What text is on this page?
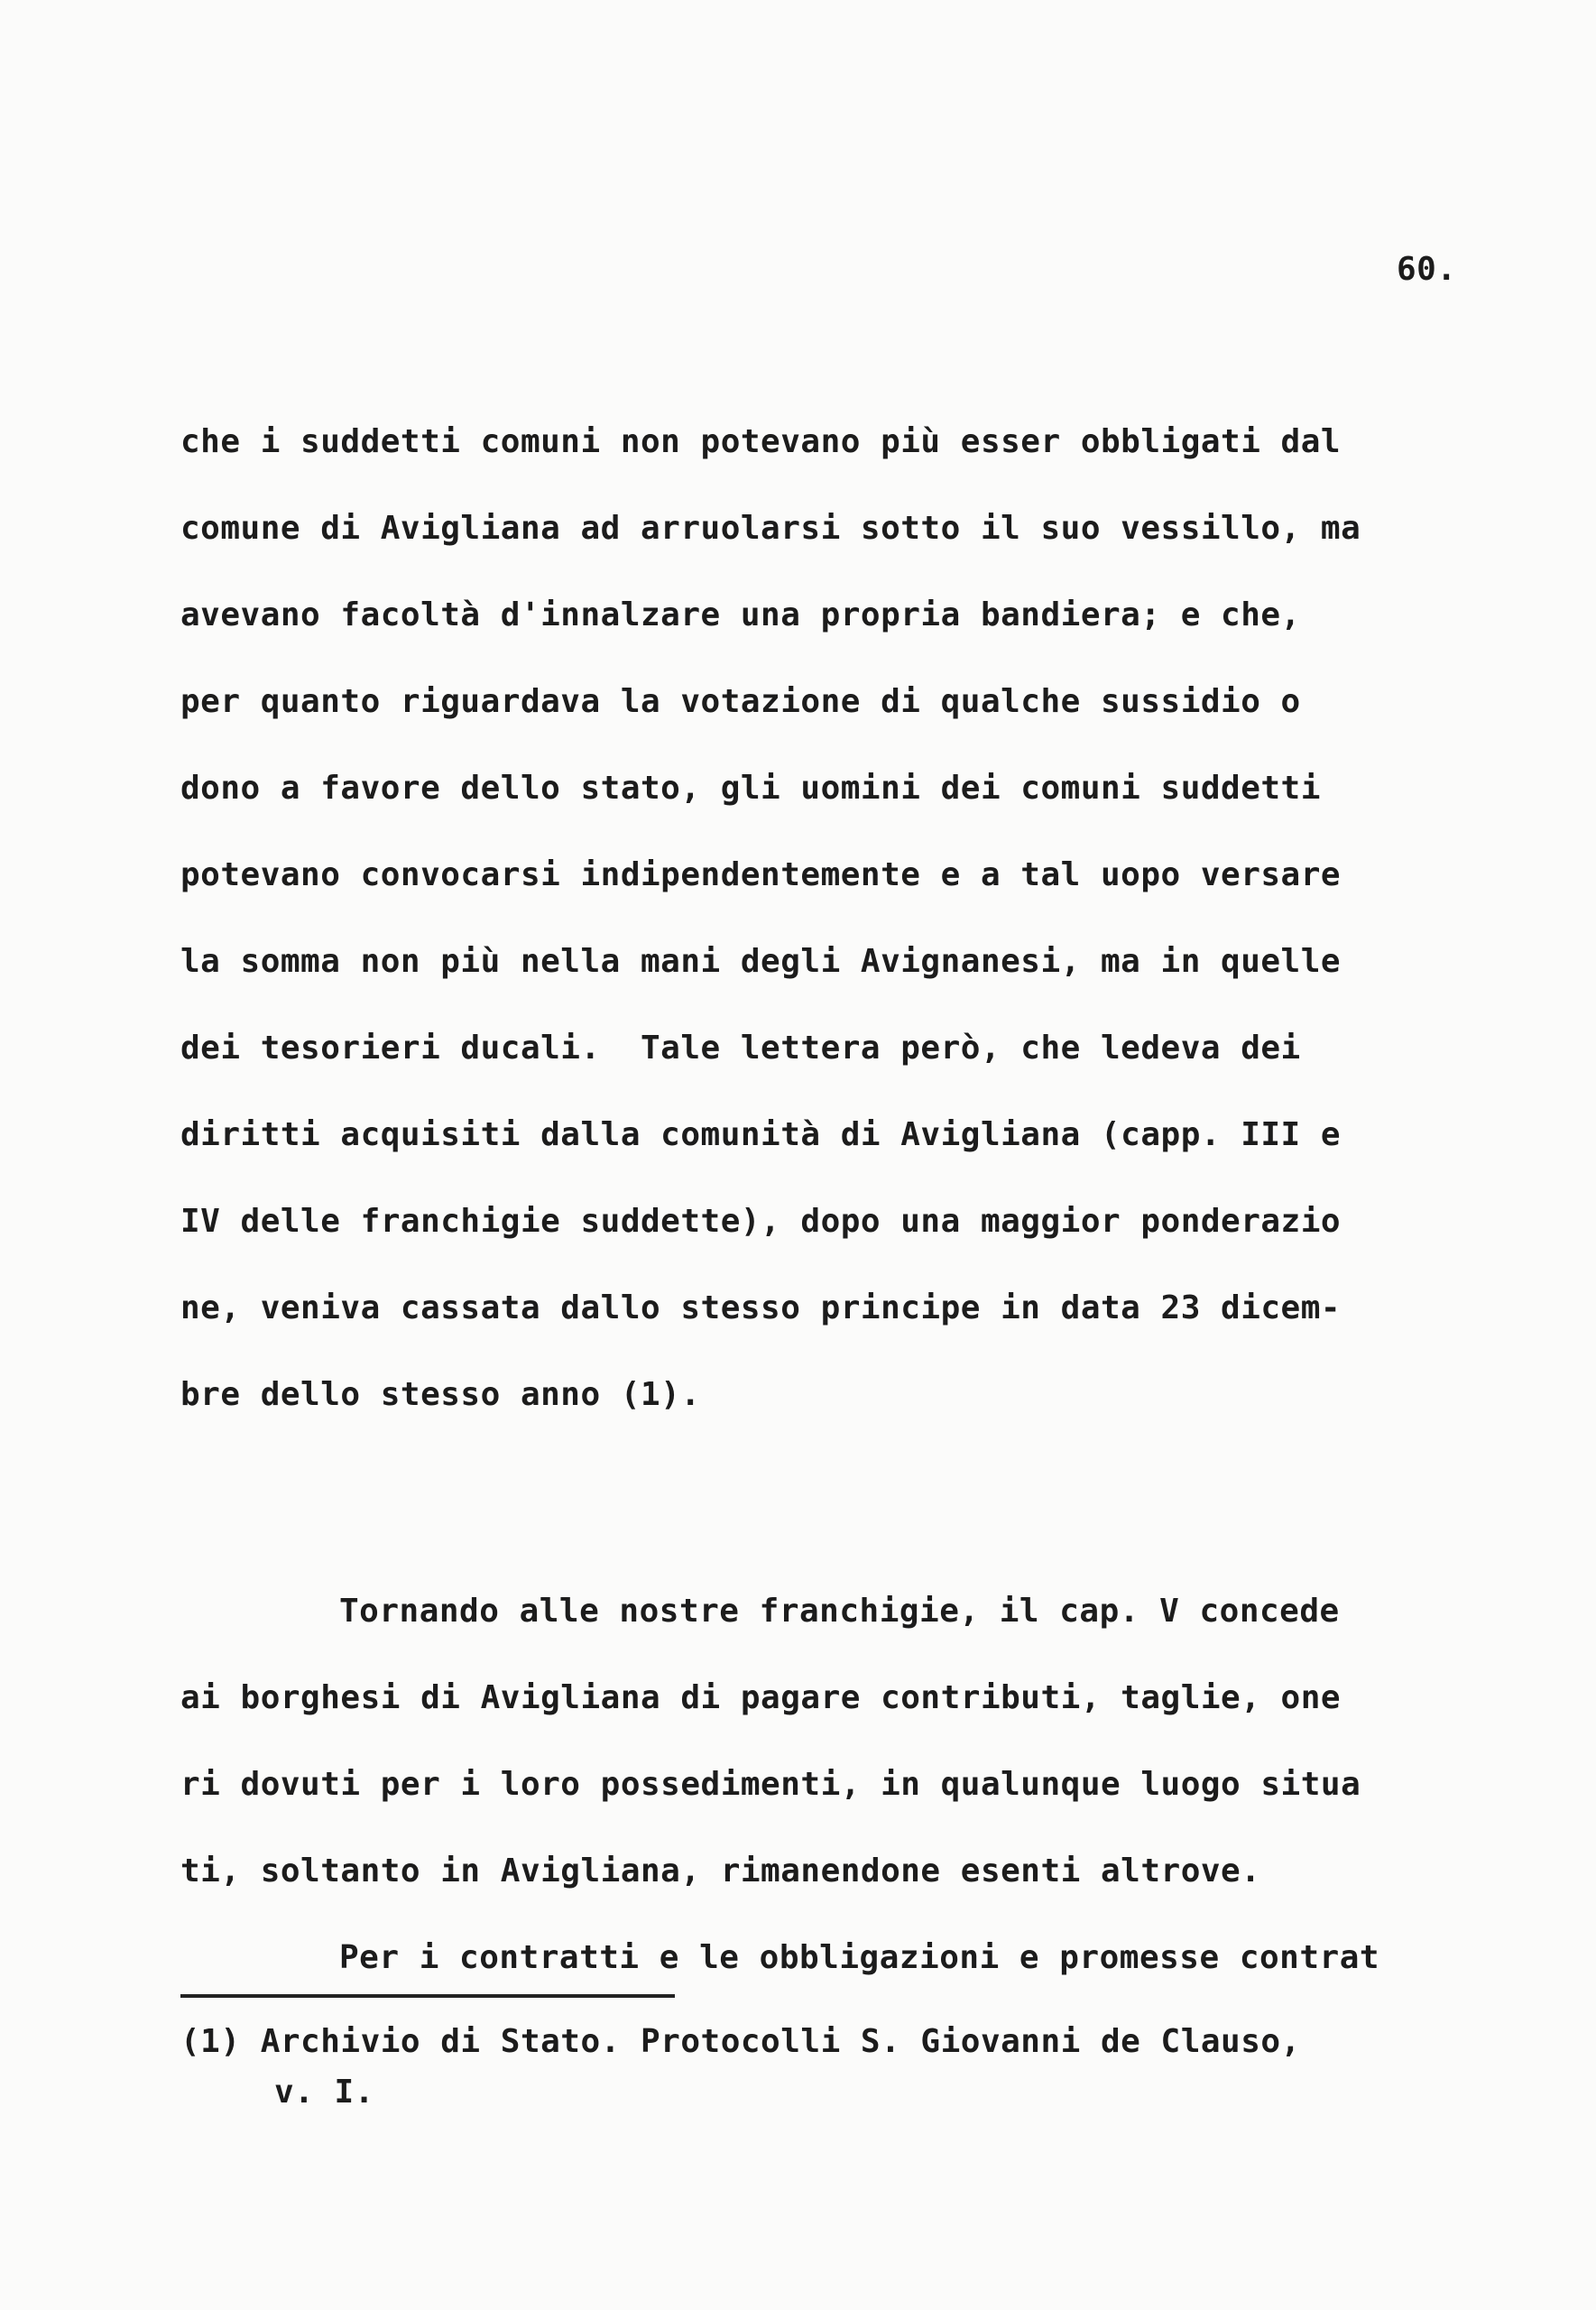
60.
che i suddetti comuni non potevano più esser obbligati dal
comune di Avigliana ad arruolarsi sotto il suo vessillo, ma
avevano facoltà d'innalzare una propria bandiera; e che,
per quanto riguardava la votazione di qualche sussidio o
dono a favore dello stato, gli uomini dei comuni suddetti
potevano convocarsi indipendentemente e a tal uopo versare
la somma non più nella mani degli Avignanesi, ma in quelle
dei tesorieri ducali.  Tale lettera però, che ledeva dei
diritti acquisiti dalla comunità di Avigliana (capp. III e
IV delle franchigie suddette), dopo una maggior ponderazio
ne, veniva cassata dallo stesso principe in data 23 dicem-
bre dello stesso anno (1).
Tornando alle nostre franchigie, il cap. V concede
ai borghesi di Avigliana di pagare contributi, taglie, one
ri dovuti per i loro possedimenti, in qualunque luogo situa
ti, soltanto in Avigliana, rimanendone esenti altrove.
Per i contratti e le obbligazioni e promesse contrat
(1) Archivio di Stato. Protocolli S. Giovanni de Clauso,
v. I.
